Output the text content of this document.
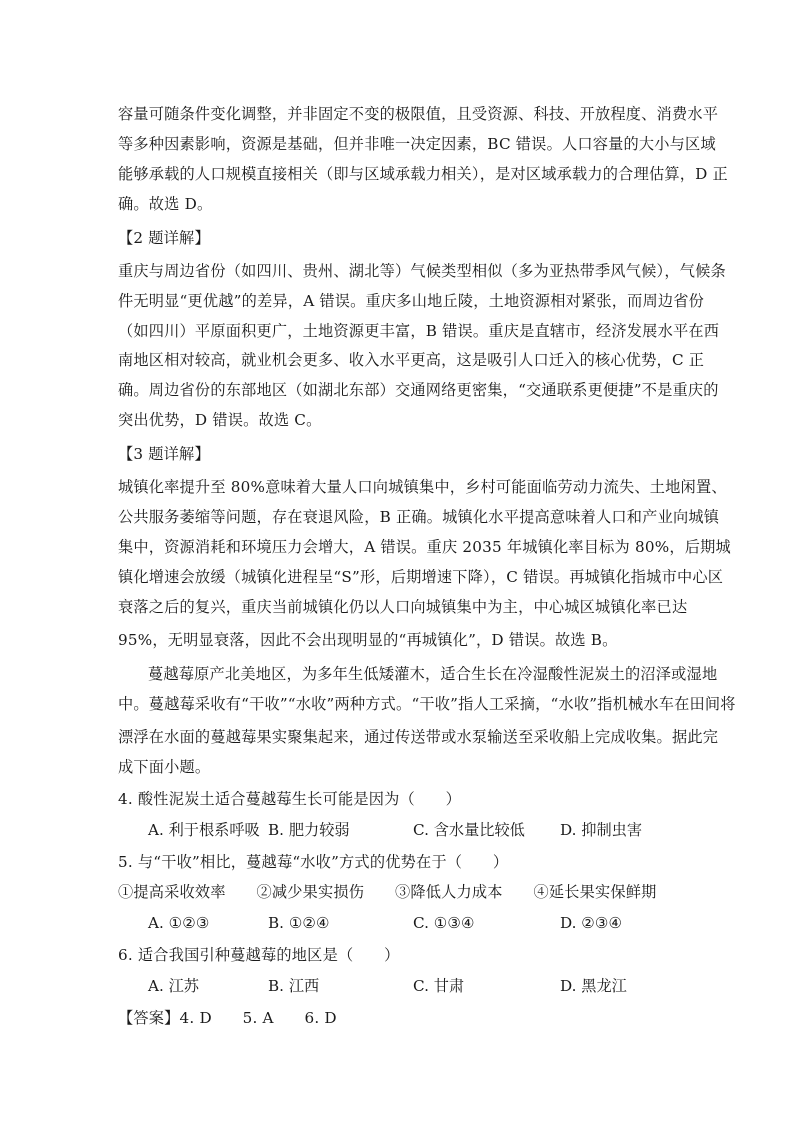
容量可随条件变化调整，并非固定不变的极限值，且受资源、科技、开放程度、消费水平
等多种因素影响，资源是基础，但并非唯一决定因素，BC 错误。人口容量的大小与区域
能够承载的人口规模直接相关（即与区域承载力相关），是对区域承载力的合理估算，D 正
确。故选 D。
【2 题详解】
重庆与周边省份（如四川、贵州、湖北等）气候类型相似（多为亚热带季风气候），气候条
件无明显“更优越”的差异，A 错误。重庆多山地丘陵，土地资源相对紧张，而周边省份
（如四川）平原面积更广，土地资源更丰富，B 错误。重庆是直辖市，经济发展水平在西
南地区相对较高，就业机会更多、收入水平更高，这是吸引人口迁入的核心优势，C 正
确。周边省份的东部地区（如湖北东部）交通网络更密集，“交通联系更便捷”不是重庆的
突出优势，D 错误。故选 C。
【3 题详解】
城镇化率提升至 80%意味着大量人口向城镇集中，乡村可能面临劳动力流失、土地闲置、
公共服务萎缩等问题，存在衰退风险，B 正确。城镇化水平提高意味着人口和产业向城镇
集中，资源消耗和环境压力会增大，A 错误。重庆 2035 年城镇化率目标为 80%，后期城
镇化增速会放缓（城镇化进程呈“S”形，后期增速下降），C 错误。再城镇化指城市中心区
衰落之后的复兴，重庆当前城镇化仍以人口向城镇集中为主，中心城区城镇化率已达
95%，无明显衰落，因此不会出现明显的“再城镇化”，D 错误。故选 B。
蔓越莓原产北美地区，为多年生低矮灌木，适合生长在冷湿酸性泥炭土的沼泽或湿地
中。蔓越莓采收有“干收”“水收”两种方式。“干收”指人工采摘，“水收”指机械水车在田间将
漂浮在水面的蔓越莓果实聚集起来，通过传送带或水泵输送至采收船上完成收集。据此完
成下面小题。
4. 酸性泥炭土适合蔓越莓生长可能是因为（　　）
A. 利于根系呼吸 B. 肥力较弱	C. 含水量比较低 D. 抑制虫害
5. 与“干收”相比，蔓越莓“水收”方式的优势在于（　　）
①提高采收效率　　②减少果实损伤　　③降低人力成本　　④延长果实保鲜期
A. ①②③	B. ①②④	C. ①③④	D. ②③④
6. 适合我国引种蔓越莓的地区是（　　）
A. 江苏	B. 江西	C. 甘肃	D. 黑龙江
【答案】4. D　　5. A　　6. D
